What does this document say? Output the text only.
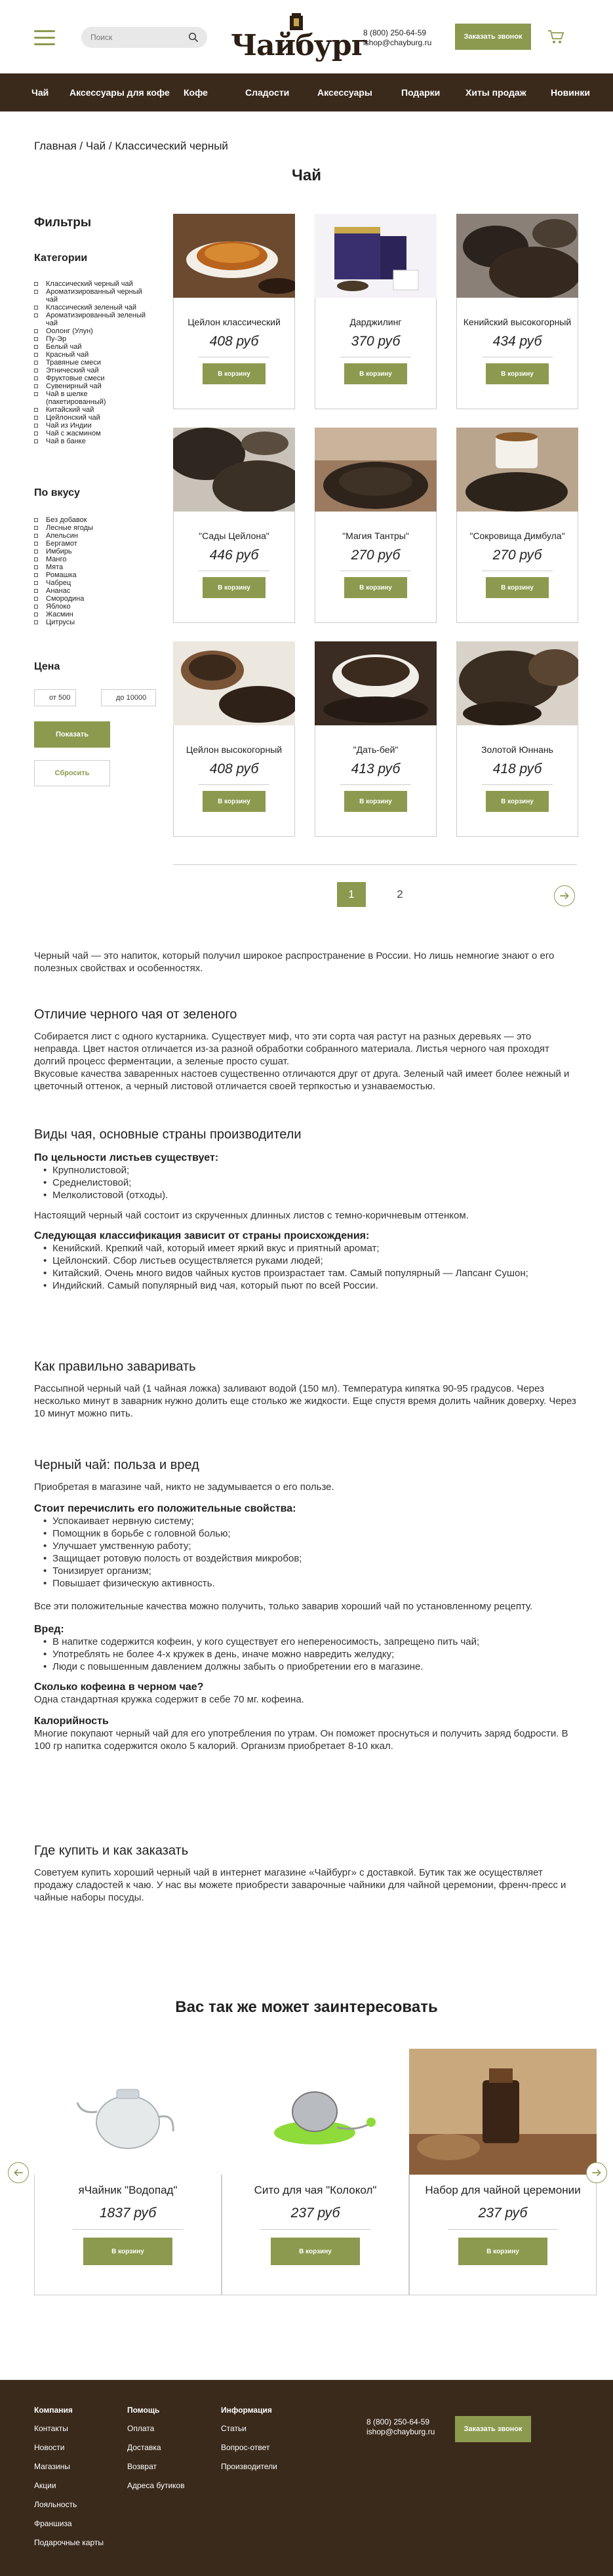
Поиск
Чайбург
8 (800) 250-64-59
ishop@chayburg.ru
Заказать звонок
Чай Аксессуары для кофе Кофе	Сладости	Аксессуары	Подарки	Хиты продаж	Новинки
Главная / Чай / Классический черный
Чай
Фильтры
Категории
Классический черный чай
Ароматизированный черный чай
Классический зеленый чай
Ароматизированный зеленый чай
Оолонг (Улун)
Пу-Эр
Белый чай
Красный чай
Травяные смеси
Этнический чай
Фруктовые смеси
Сувенирный чай
Чай в шелке (пакетированный)
Китайский чай
Цейлонский чай
Чай из Индии
Чай с жасмином
Чай в банке
По вкусу
Без добавок
Лесные ягоды
Апельсин
Бергамот
Имбирь
Манго
Мята
Ромашка
Чабрец
Ананас
Смородина
Яблоко
Жасмин
Цитрусы
Цена
от 500
до 10000
Показать
Сбросить
Цейлон классический
408 руб
В корзину
Дарджилинг
370 руб
В корзину
Кенийский высокогорный
434 руб
В корзину
"Сады Цейлона"
446 руб
В корзину
"Магия Тантры"
270 руб
В корзину
"Сокровища Димбула"
270 руб
В корзину
Цейлон высокогорный
408 руб
В корзину
"Дать-бей"
413 руб
В корзину
Золотой Юннань
418 руб
В корзину
1	2
Черный чай — это напиток, который получил широкое распространение в России. Но лишь немногие знают о его полезных свойствах и особенностях.
Отличие черного чая от зеленого
Собирается лист с одного кустарника. Существует миф, что эти сорта чая растут на разных деревьях — это неправда. Цвет настоя отличается из-за разной обработки собранного материала. Листья черного чая проходят долгий процесс ферментации, а зеленые просто сушат.
Вкусовые качества заваренных настоев существенно отличаются друг от друга. Зеленый чай имеет более нежный и цветочный оттенок, а черный листовой отличается своей терпкостью и узнаваемостью.
Виды чая, основные страны производители
По цельности листьев существует:
• Крупнолистовой;
• Среднелистовой;
• Мелколистовой (отходы).
Настоящий черный чай состоит из скрученных длинных листов с темно-коричневым оттенком.
Следующая классификация зависит от страны происхождения:
• Кенийский. Крепкий чай, который имеет яркий вкус и приятный аромат;
• Цейлонский. Сбор листьев осуществляется руками людей;
• Китайский. Очень много видов чайных кустов произрастает там. Самый популярный — Лапсанг Сушон;
• Индийский. Самый популярный вид чая, который пьют по всей России.
Как правильно заваривать
Рассыпной черный чай (1 чайная ложка) заливают водой (150 мл). Температура кипятка 90-95 градусов. Через несколько минут в заварник нужно долить еще столько же жидкости. Еще спустя время долить чайник доверху. Через 10 минут можно пить.
Черный чай: польза и вред
Приобретая в магазине чай, никто не задумывается о его пользе.
Стоит перечислить его положительные свойства:
• Успокаивает нервную систему;
• Помощник в борьбе с головной болью;
• Улучшает умственную работу;
• Защищает ротовую полость от воздействия микробов;
• Тонизирует организм;
• Повышает физическую активность.
Все эти положительные качества можно получить, только заварив хороший чай по установленному рецепту.
Вред:
• В напитке содержится кофеин, у кого существует его непереносимость, запрещено пить чай;
• Употреблять не более 4-х кружек в день, иначе можно навредить желудку;
• Люди с повышенным давлением должны забыть о приобретении его в магазине.
Сколько кофеина в черном чае?
Одна стандартная кружка содержит в себе 70 мг. кофеина.
Калорийность
Многие покупают черный чай для его употребления по утрам. Он поможет проснуться и получить заряд бодрости. В 100 гр напитка содержится около 5 калорий. Организм приобретает 8-10 ккал.
Где купить и как заказать
Советуем купить хороший черный чай в интернет магазине «Чайбург» с доставкой. Бутик так же осуществляет продажу сладостей к чаю. У нас вы можете приобрести заварочные чайники для чайной церемонии, френч-пресс и чайные наборы посуды.
Вас так же может заинтересовать
яЧайник "Водопад"
1837 руб
В корзину
Сито для чая "Колокол"
237 руб
В корзину
Набор для чайной церемонии
237 руб
В корзину
Компания
Контакты
Новости
Магазины
Акции
Лояльность
Франшиза
Подарочные карты
Помощь
Оплата
Доставка
Возврат
Адреса бутиков
Информация
Статьи
Вопрос-ответ
Производители
8 (800) 250-64-59
ishop@chayburg.ru	Заказать звонок
